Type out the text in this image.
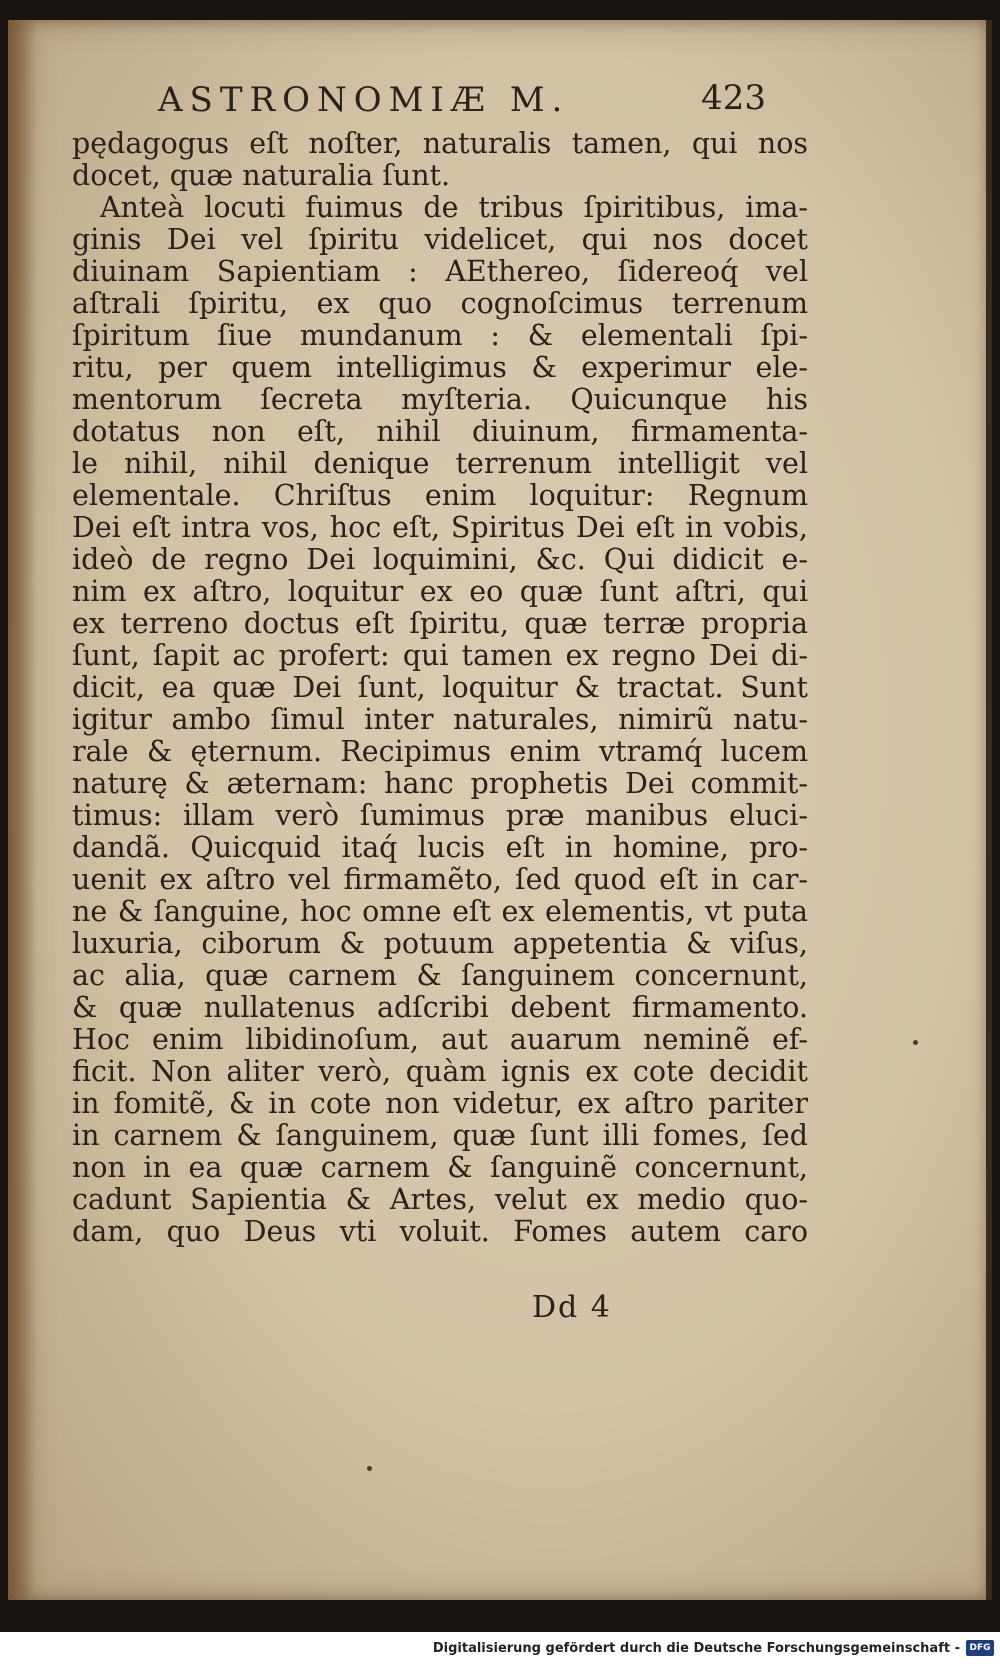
ASTRONOMIÆ M.	423
pędagogus eſt noſter, naturalis tamen, qui nos
docet, quæ naturalia ſunt.
Anteà locuti fuimus de tribus ſpiritibus, ima-
ginis Dei vel ſpiritu videlicet, qui nos docet
diuinam Sapientiam : AEthereo, ſidereoq́ vel
aſtrali ſpiritu, ex quo cognoſcimus terrenum
ſpiritum ſiue mundanum : & elementali ſpi-
ritu, per quem intelligimus & experimur ele-
mentorum ſecreta myſteria. Quicunque his
dotatus non eſt, nihil diuinum, firmamenta-
le nihil, nihil denique terrenum intelligit vel
elementale. Chriſtus enim loquitur: Regnum
Dei eſt intra vos, hoc eſt, Spiritus Dei eſt in vobis,
ideò de regno Dei loquimini, &c. Qui didicit e-
nim ex aſtro, loquitur ex eo quæ ſunt aſtri, qui
ex terreno doctus eſt ſpiritu, quæ terræ propria
ſunt, ſapit ac profert: qui tamen ex regno Dei di-
dicit, ea quæ Dei ſunt, loquitur & tractat. Sunt
igitur ambo ſimul inter naturales, nimirũ natu-
rale & ęternum. Recipimus enim vtramq́ lucem
naturę & æternam: hanc prophetis Dei commit-
timus: illam verò ſumimus præ manibus eluci-
dandã. Quicquid itaq́ lucis eſt in homine, pro-
uenit ex aſtro vel firmamẽto, ſed quod eſt in car-
ne & ſanguine, hoc omne eſt ex elementis, vt puta
luxuria, ciborum & potuum appetentia & viſus,
ac alia, quæ carnem & ſanguinem concernunt,
& quæ nullatenus adſcribi debent firmamento.
Hoc enim libidinoſum, aut auarum neminẽ ef-
ficit. Non aliter verò, quàm ignis ex cote decidit
in fomitẽ, & in cote non videtur, ex aſtro pariter
in carnem & ſanguinem, quæ ſunt illi fomes, ſed
non in ea quæ carnem & ſanguinẽ concernunt,
cadunt Sapientia & Artes, velut ex medio quo-
dam, quo Deus vti voluit. Fomes autem caro
Dd 4
Digitalisierung gefördert durch die Deutsche Forschungsgemeinschaft -	DFG
